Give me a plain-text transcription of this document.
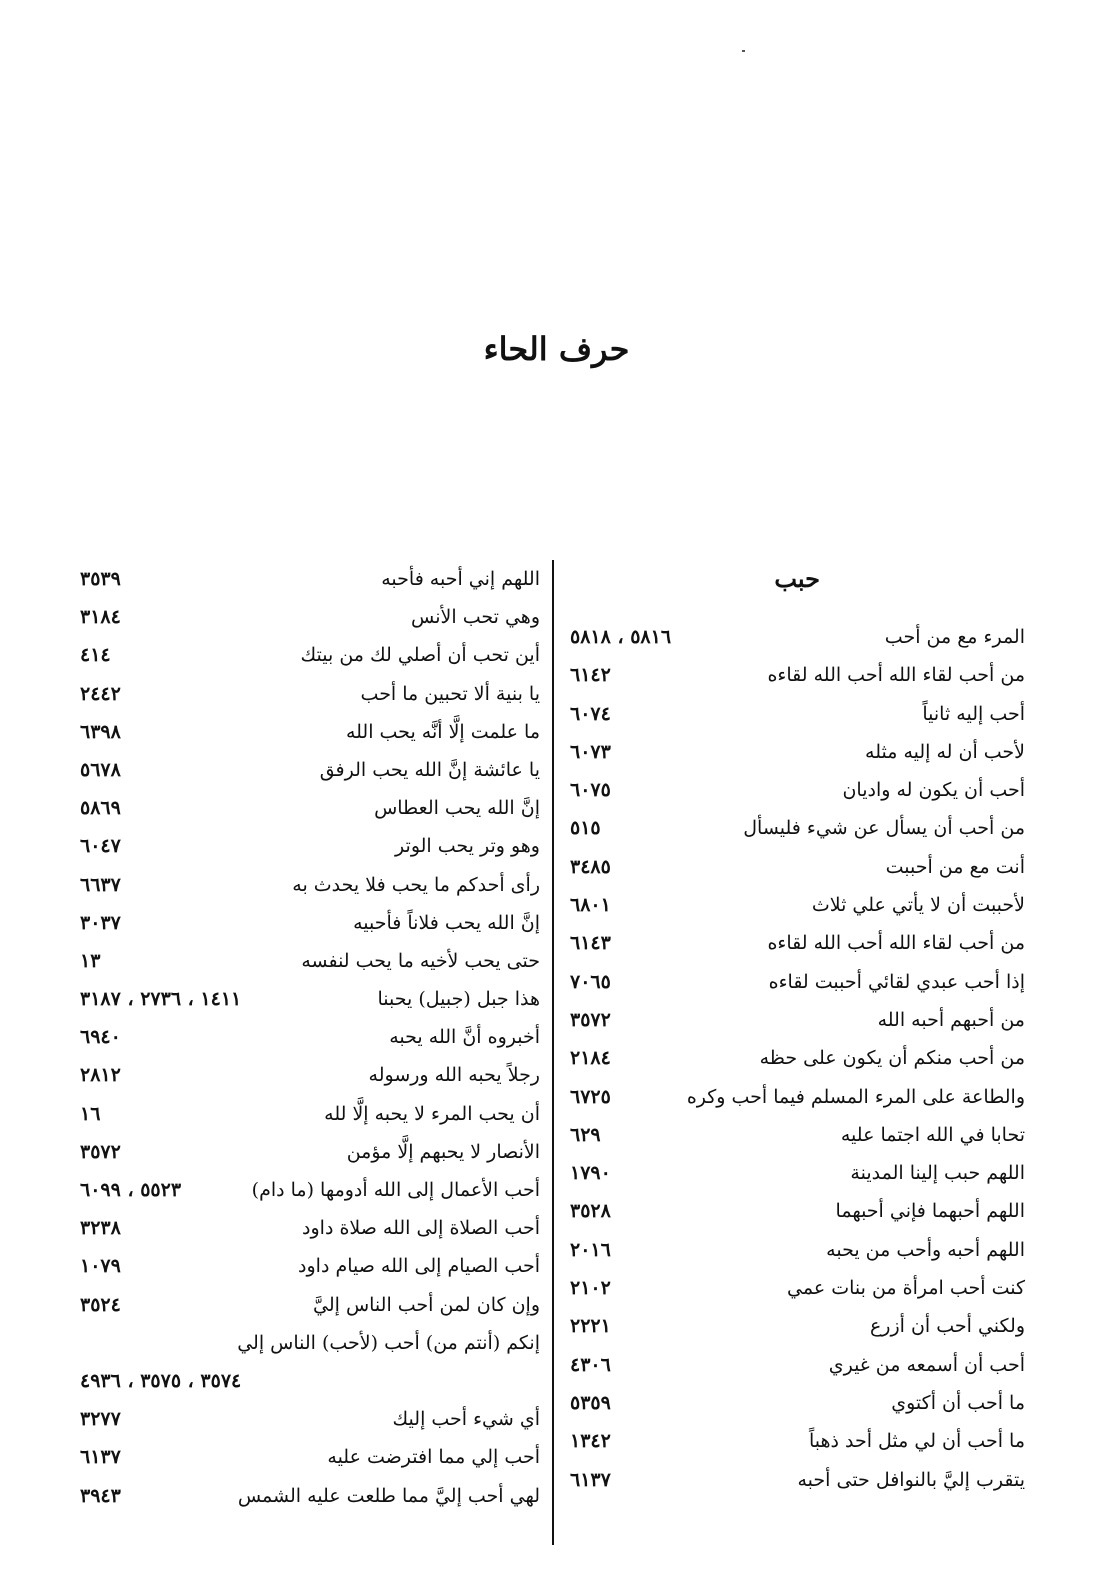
حرف الحاء
حبب
المرء مع من أحب
٥٨١٦ ، ٥٨١٨
من أحب لقاء الله أحب الله لقاءه
٦١٤٢
أحب إليه ثانياً
٦٠٧٤
لأحب أن له إليه مثله
٦٠٧٣
أحب أن يكون له واديان
٦٠٧٥
من أحب أن يسأل عن شيء فليسأل
٥١٥
أنت مع من أحببت
٣٤٨٥
لأحببت أن لا يأتي علي ثلاث
٦٨٠١
من أحب لقاء الله أحب الله لقاءه
٦١٤٣
إذا أحب عبدي لقائي أحببت لقاءه
٧٠٦٥
من أحبهم أحبه الله
٣٥٧٢
من أحب منكم أن يكون على حظه
٢١٨٤
والطاعة على المرء المسلم فيما أحب وكره
٦٧٢٥
تحابا في الله اجتما عليه
٦٢٩
اللهم حبب إلينا المدينة
١٧٩٠
اللهم أحبهما فإني أحبهما
٣٥٢٨
اللهم أحبه وأحب من يحبه
٢٠١٦
كنت أحب امرأة من بنات عمي
٢١٠٢
ولكني أحب أن أزرع
٢٢٢١
أحب أن أسمعه من غيري
٤٣٠٦
ما أحب أن أكتوي
٥٣٥٩
ما أحب أن لي مثل أحد ذهباً
١٣٤٢
يتقرب إليَّ بالنوافل حتى أحبه
٦١٣٧
اللهم إني أحبه فأحبه
٣٥٣٩
وهي تحب الأنس
٣١٨٤
أين تحب أن أصلي لك من بيتك
٤١٤
يا بنية ألا تحبين ما أحب
٢٤٤٢
ما علمت إلَّا أنَّه يحب الله
٦٣٩٨
يا عائشة إنَّ الله يحب الرفق
٥٦٧٨
إنَّ الله يحب العطاس
٥٨٦٩
وهو وتر يحب الوتر
٦٠٤٧
رأى أحدكم ما يحب فلا يحدث به
٦٦٣٧
إنَّ الله يحب فلاناً فأحبيه
٣٠٣٧
حتى يحب لأخيه ما يحب لنفسه
١٣
هذا جبل (جبيل) يحبنا
١٤١١ ، ٢٧٣٦ ، ٣١٨٧
أخبروه أنَّ الله يحبه
٦٩٤٠
رجلاً يحبه الله ورسوله
٢٨١٢
أن يحب المرء لا يحبه إلَّا لله
١٦
الأنصار لا يحبهم إلَّا مؤمن
٣٥٧٢
أحب الأعمال إلى الله أدومها (ما دام)
٥٥٢٣ ، ٦٠٩٩
أحب الصلاة إلى الله صلاة داود
٣٢٣٨
أحب الصيام إلى الله صيام داود
١٠٧٩
وإن كان لمن أحب الناس إليَّ
٣٥٢٤
إنكم (أنتم من) أحب (لأحب) الناس إلي
٣٥٧٤ ، ٣٥٧٥ ، ٤٩٣٦
أي شيء أحب إليك
٣٢٧٧
أحب إلي مما افترضت عليه
٦١٣٧
لهي أحب إليَّ مما طلعت عليه الشمس
٣٩٤٣
